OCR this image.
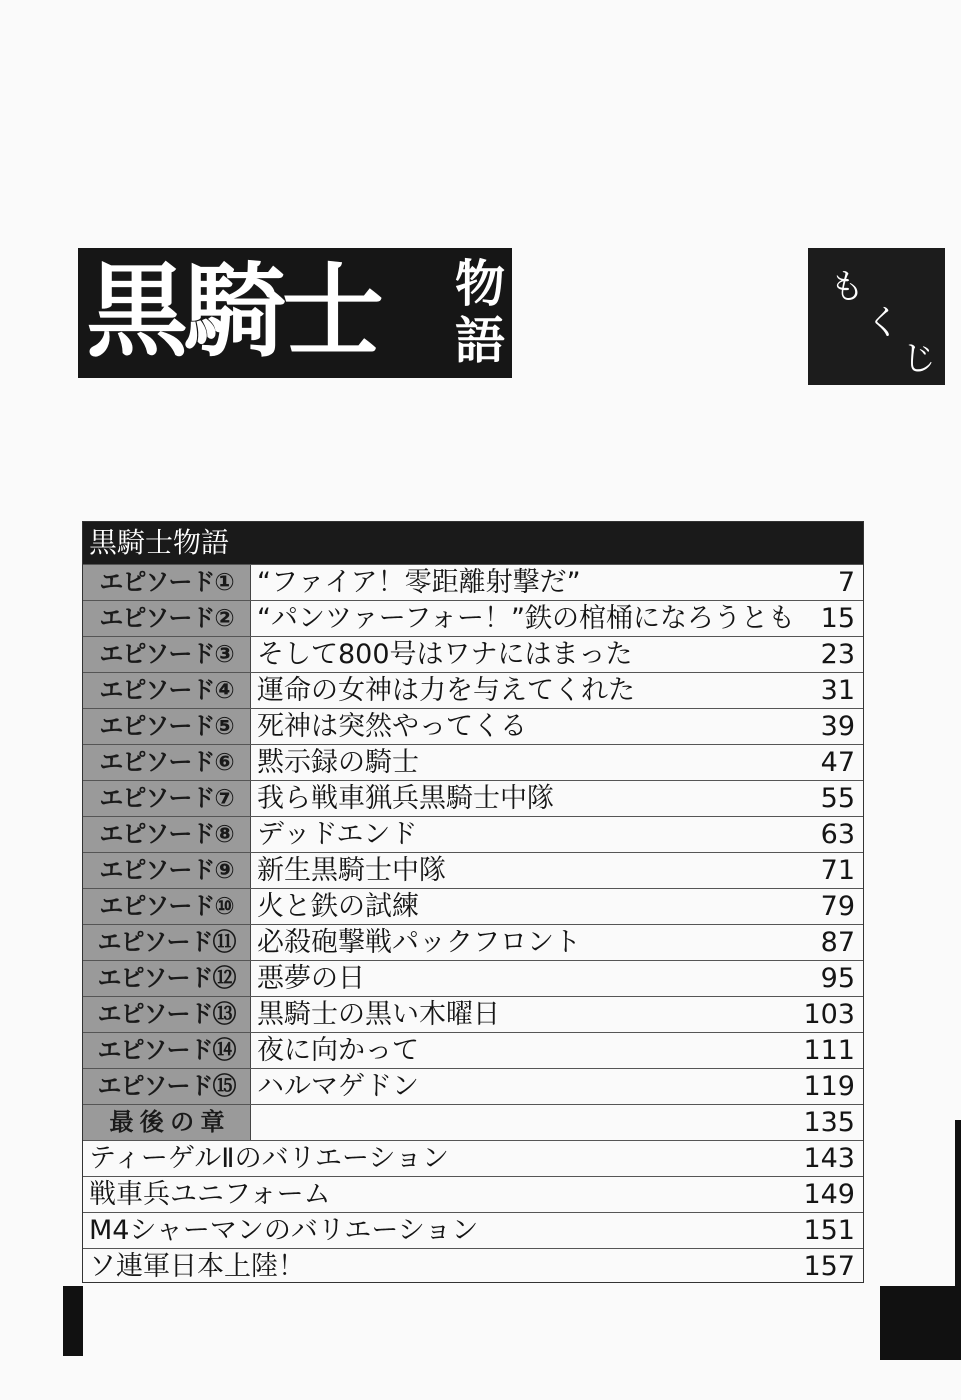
黒騎士 物語
も
く
じ
黒騎士物語
エピソード① “ファイア！零距離射撃だ”	7
エピソード② “パンツァーフォー！”鉄の棺桶になろうとも 15
エピソード③ そして800号はワナにはまった	23
エピソード④ 運命の女神は力を与えてくれた	31
エピソード⑤ 死神は突然やってくる	39
エピソード⑥ 黙示録の騎士	47
エピソード⑦ 我ら戦車猟兵黒騎士中隊	55
エピソード⑧ デッドエンド	63
エピソード⑨ 新生黒騎士中隊	71
エピソード⑩ 火と鉄の試練	79
エピソード⑪ 必殺砲撃戦パックフロント	87
エピソード⑫ 悪夢の日	95
エピソード⑬ 黒騎士の黒い木曜日	103
エピソード⑭ 夜に向かって	111
エピソード⑮ ハルマゲドン	119
最 後 の 章	135
ティーゲルⅡのバリエーション	143
戦車兵ユニフォーム	149
M4シャーマンのバリエーション	151
ソ連軍日本上陸！	157
